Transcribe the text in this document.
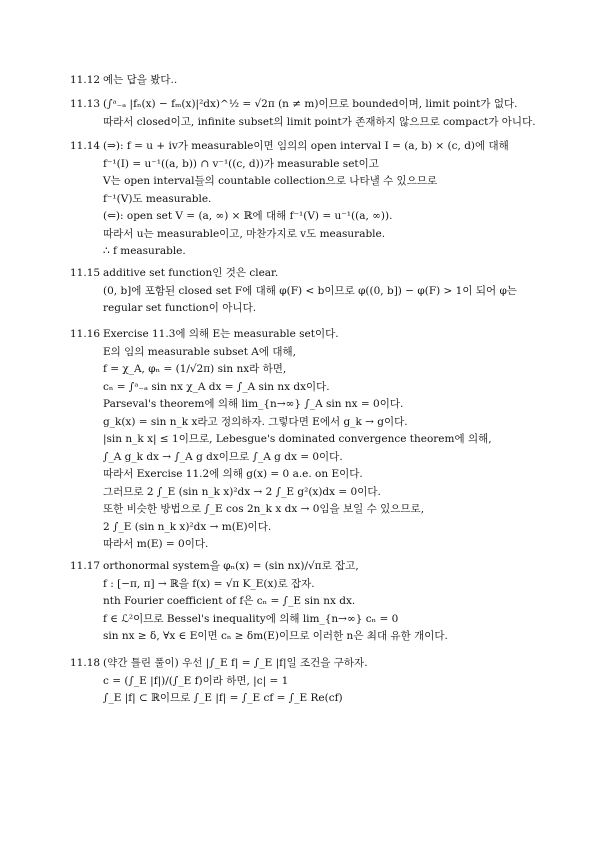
11.12 예는 답을 봤다..
11.13 (∫ᵃ₋ₐ |fₙ(x) − fₘ(x)|²dx)^½ = √2π (n ≠ m)이므로 bounded이며, limit point가 없다.
따라서 closed이고, infinite subset의 limit point가 존재하지 않으므로 compact가 아니다.
11.14 (⇒): f = u + iv가 measurable이면 임의의 open interval I = (a, b) × (c, d)에 대해
f⁻¹(I) = u⁻¹((a, b)) ∩ v⁻¹((c, d))가 measurable set이고
V는 open interval들의 countable collection으로 나타낼 수 있으므로
f⁻¹(V)도 measurable.
(⇐): open set V = (a, ∞) × ℝ에 대해 f⁻¹(V) = u⁻¹((a, ∞)).
따라서 u는 measurable이고, 마찬가지로 v도 measurable.
∴ f measurable.
11.15 additive set function인 것은 clear.
(0, b]에 포함된 closed set F에 대해 φ(F) < b이므로 φ((0, b]) − φ(F) > 1이 되어 φ는
regular set function이 아니다.
11.16 Exercise 11.3에 의해 E는 measurable set이다.
E의 임의 measurable subset A에 대해,
f = χ_A, φₙ = (1/√2π) sin nx라 하면,
cₙ = ∫ᵃ₋ₐ sin nx χ_A dx = ∫_A sin nx dx이다.
Parseval's theorem에 의해 lim_{n→∞} ∫_A sin nx = 0이다.
g_k(x) = sin n_k x라고 정의하자. 그렇다면 E에서 g_k → g이다.
|sin n_k x| ≤ 1이므로, Lebesgue's dominated convergence theorem에 의해,
∫_A g_k dx → ∫_A g dx이므로 ∫_A g dx = 0이다.
따라서 Exercise 11.2에 의해 g(x) = 0 a.e. on E이다.
그러므로 2 ∫_E (sin n_k x)²dx → 2 ∫_E g²(x)dx = 0이다.
또한 비슷한 방법으로 ∫_E cos 2n_k x dx → 0임을 보일 수 있으므로,
2 ∫_E (sin n_k x)²dx → m(E)이다.
따라서 m(E) = 0이다.
11.17 orthonormal system을 φₙ(x) = (sin nx)/√π로 잡고,
f : [−π, π] → ℝ을 f(x) = √π K_E(x)로 잡자.
nth Fourier coefficient of f은 cₙ = ∫_E sin nx dx.
f ∈ ℒ²이므로 Bessel's inequality에 의해 lim_{n→∞} cₙ = 0
sin nx ≥ δ, ∀x ∈ E이면 cₙ ≥ δm(E)이므로 이러한 n은 최대 유한 개이다.
11.18 (약간 틀린 풀이) 우선 |∫_E f| = ∫_E |f|일 조건을 구하자.
c = (∫_E |f|)/(∫_E f)이라 하면, |c| = 1
∫_E |f| ⊂ ℝ이므로 ∫_E |f| = ∫_E cf = ∫_E Re(cf)
